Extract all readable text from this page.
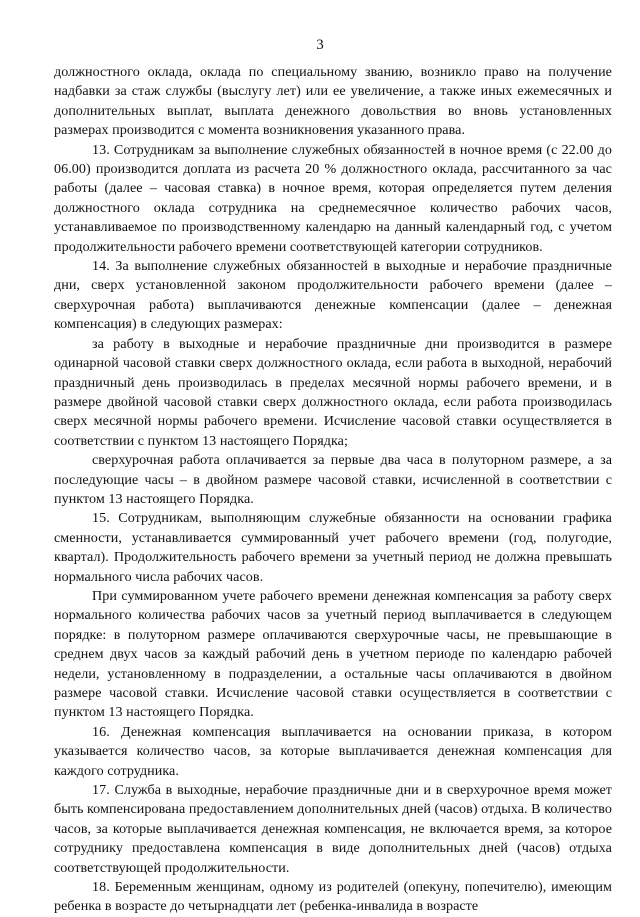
3

должностного оклада, оклада по специальному званию, возникло право на получение надбавки за стаж службы (выслугу лет) или ее увеличение, а также иных ежемесячных и дополнительных выплат, выплата денежного довольствия во вновь установленных размерах производится с момента возникновения указанного права.

13. Сотрудникам за выполнение служебных обязанностей в ночное время (с 22.00 до 06.00) производится доплата из расчета 20 % должностного оклада, рассчитанного за час работы (далее – часовая ставка) в ночное время, которая определяется путем деления должностного оклада сотрудника на среднемесячное количество рабочих часов, устанавливаемое по производственному календарю на данный календарный год, с учетом продолжительности рабочего времени соответствующей категории сотрудников.

14. За выполнение служебных обязанностей в выходные и нерабочие праздничные дни, сверх установленной законом продолжительности рабочего времени (далее – сверхурочная работа) выплачиваются денежные компенсации (далее – денежная компенсация) в следующих размерах:

за работу в выходные и нерабочие праздничные дни производится в размере одинарной часовой ставки сверх должностного оклада, если работа в выходной, нерабочий праздничный день производилась в пределах месячной нормы рабочего времени, и в размере двойной часовой ставки сверх должностного оклада, если работа производилась сверх месячной нормы рабочего времени. Исчисление часовой ставки осуществляется в соответствии с пунктом 13 настоящего Порядка;

сверхурочная работа оплачивается за первые два часа в полуторном размере, а за последующие часы – в двойном размере часовой ставки, исчисленной в соответствии с пунктом 13 настоящего Порядка.

15. Сотрудникам, выполняющим служебные обязанности на основании графика сменности, устанавливается суммированный учет рабочего времени (год, полугодие, квартал). Продолжительность рабочего времени за учетный период не должна превышать нормального числа рабочих часов.

При суммированном учете рабочего времени денежная компенсация за работу сверх нормального количества рабочих часов за учетный период выплачивается в следующем порядке: в полуторном размере оплачиваются сверхурочные часы, не превышающие в среднем двух часов за каждый рабочий день в учетном периоде по календарю рабочей недели, установленному в подразделении, а остальные часы оплачиваются в двойном размере часовой ставки. Исчисление часовой ставки осуществляется в соответствии с пунктом 13 настоящего Порядка.

16. Денежная компенсация выплачивается на основании приказа, в котором указывается количество часов, за которые выплачивается денежная компенсация для каждого сотрудника.

17. Служба в выходные, нерабочие праздничные дни и в сверхурочное время может быть компенсирована предоставлением дополнительных дней (часов) отдыха. В количество часов, за которые выплачивается денежная компенсация, не включается время, за которое сотруднику предоставлена компенсация в виде дополнительных дней (часов) отдыха соответствующей продолжительности.

18. Беременным женщинам, одному из родителей (опекуну, попечителю), имеющим ребенка в возрасте до четырнадцати лет (ребенка-инвалида в возрасте
